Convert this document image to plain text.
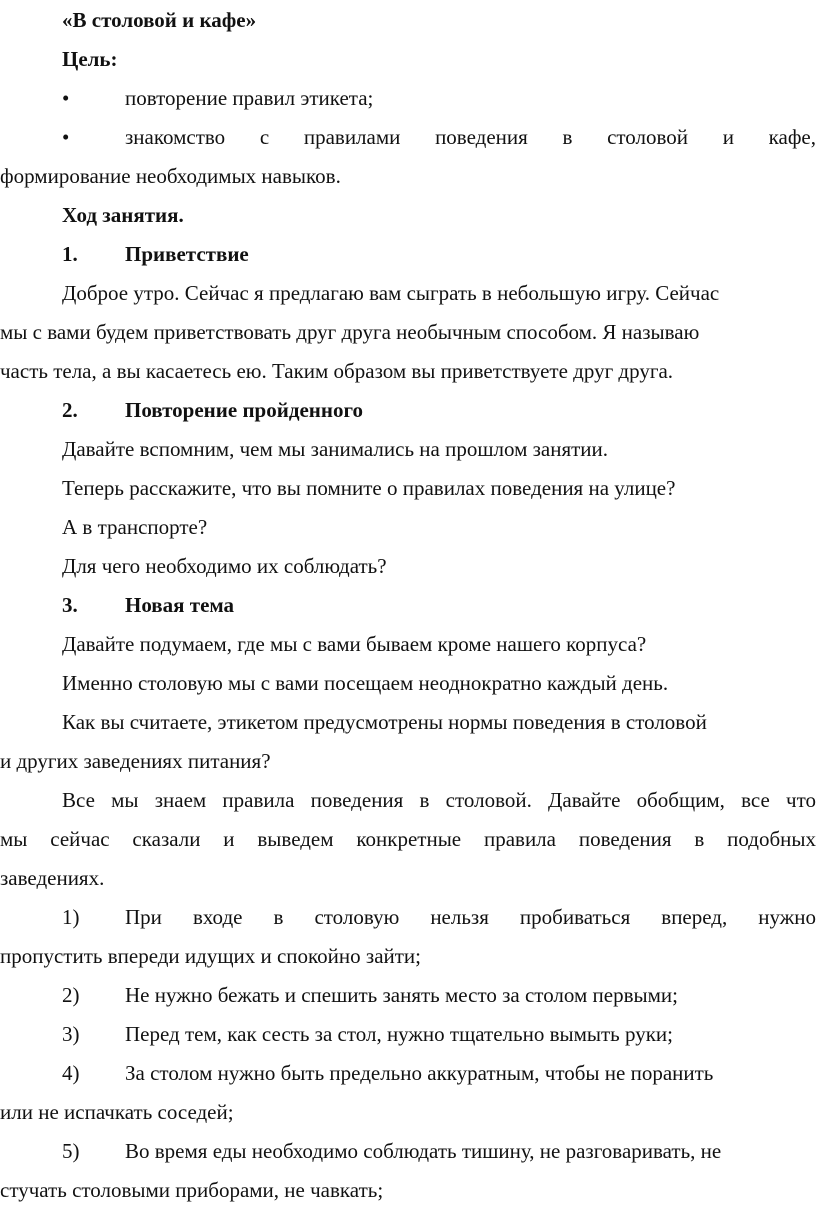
«В столовой и кафе»
Цель:
•	повторение правил этикета;
•	знакомство с правилами поведения в столовой и кафе,
формирование необходимых навыков.
Ход занятия.
1. Приветствие
Доброе утро. Сейчас я предлагаю вам сыграть в небольшую игру. Сейчас
мы с вами будем приветствовать друг друга необычным способом. Я называю
часть тела, а вы касаетесь ею. Таким образом вы приветствуете друг друга.
2. Повторение пройденного
Давайте вспомним, чем мы занимались на прошлом занятии.
Теперь расскажите, что вы помните о правилах поведения на улице?
А в транспорте?
Для чего необходимо их соблюдать?
3. Новая тема
Давайте подумаем, где мы с вами бываем кроме нашего корпуса?
Именно столовую мы с вами посещаем неоднократно каждый день.
Как вы считаете, этикетом предусмотрены нормы поведения в столовой
и других заведениях питания?
Все мы знаем правила поведения в столовой. Давайте обобщим, все что
мы сейчас сказали и выведем конкретные правила поведения в подобных
заведениях.
1)	При входе в столовую нельзя пробиваться вперед, нужно
пропустить впереди идущих и спокойно зайти;
2) Не нужно бежать и спешить занять место за столом первыми;
3) Перед тем, как сесть за стол, нужно тщательно вымыть руки;
4)	За столом нужно быть предельно аккуратным, чтобы не поранить
или не испачкать соседей;
5)	Во время еды необходимо соблюдать тишину, не разговаривать, не
стучать столовыми приборами, не чавкать;
